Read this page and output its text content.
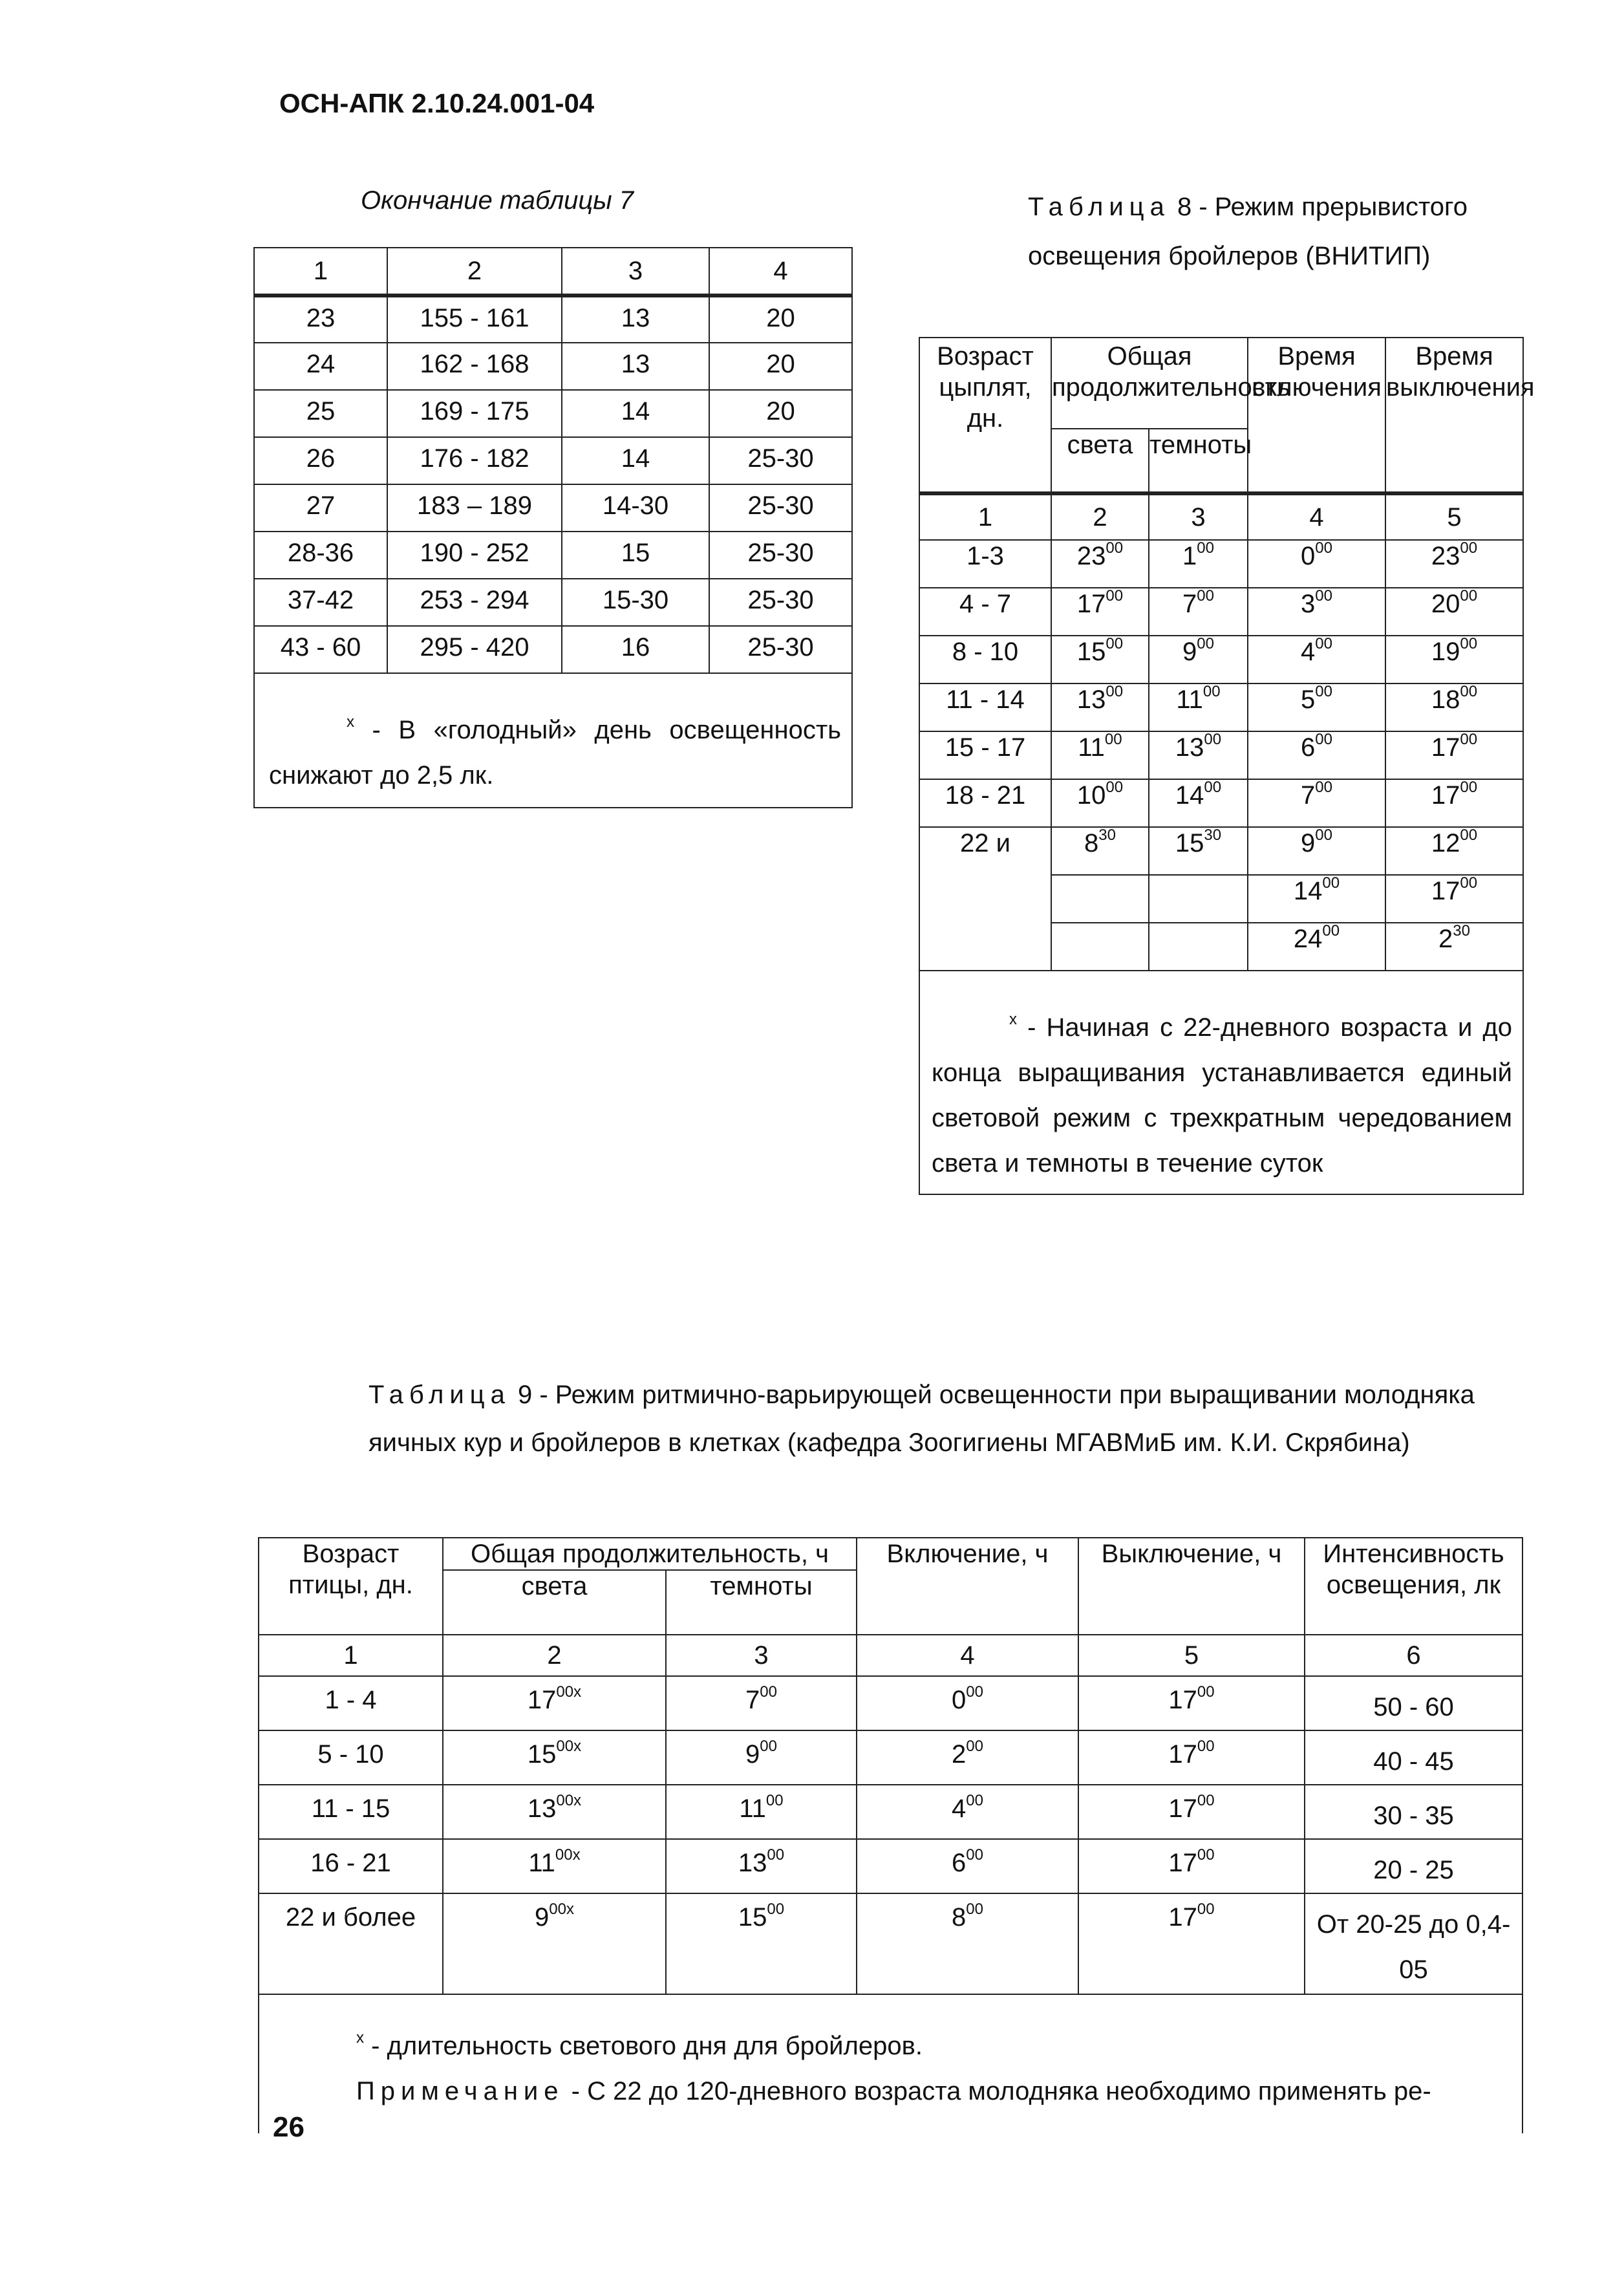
ОСН-АПК 2.10.24.001-04
Окончание таблицы 7
1	2	3	4
23	155 - 161	13	20
24	162 - 168	13	20
25	169 - 175	14	20
26	176 - 182	14	25-30
27	183 – 189	14-30	25-30
28-36	190 - 252	15	25-30
37-42	253 - 294	15-30	25-30
43 - 60	295 - 420	16	25-30

$^х$ - В «голодный» день освещенность снижают до 2,5 лк.			
Таблица 8 - Режим прерывистого освещения бройлеров (ВНИТИП)
Возраст цыплят, дн.	Общая продолжительность		Время включения	Время выключения
	света	темноты		
1	2	3	4	5
1-3	$23^{00}$	$1^{00}$	$0^{00}$	$23^{00}$
4 - 7	$17^{00}$	$7^{00}$	$3^{00}$	$20^{00}$
8 - 10	$15^{00}$	$9^{00}$	$4^{00}$	$19^{00}$
11 - 14	$13^{00}$	$11^{00}$	$5^{00}$	$18^{00}$
15 - 17	$11^{00}$	$13^{00}$	$6^{00}$	$17^{00}$
18 - 21	$10^{00}$	$14^{00}$	$7^{00}$	$17^{00}$
22 и	$8^{30}$	$15^{30}$	$9^{00}$	$12^{00}$
			$14^{00}$	$17^{00}$
			$24^{00}$	$2^{30}$

$^х$ - Начиная с 22-дневного возраста и до конца выращивания устанавливается единый световой режим с трехкратным чередованием света и темноты в течение суток				
Таблица 9 - Режим ритмично-варьирующей освещенности при выращивании молодняка яичных кур и бройлеров в клетках (кафедра Зоогигиены МГАВМиБ им. К.И. Скрябина)
Возраст птицы, дн.	Общая продолжительность, ч		Включение, ч	Выключение, ч	Интенсивность освещения, лк
	света	темноты			
1	2	3	4	5	6
1 - 4	$17^{00х}$	$7^{00}$	$0^{00}$	$17^{00}$	50 - 60
5 - 10	$15^{00х}$	$9^{00}$	$2^{00}$	$17^{00}$	40 - 45
11 - 15	$13^{00х}$	$11^{00}$	$4^{00}$	$17^{00}$	30 - 35
16 - 21	$11^{00х}$	$13^{00}$	$6^{00}$	$17^{00}$	20 - 25
22 и более	$9^{00х}$	$15^{00}$	$8^{00}$	$17^{00}$	От 20-25 до 0,4-05

$^х$ - длительность светового дня для бройлеров.
Примечание - С 22 до 120-дневного возраста молодняка необходимо применять ре-					
26
